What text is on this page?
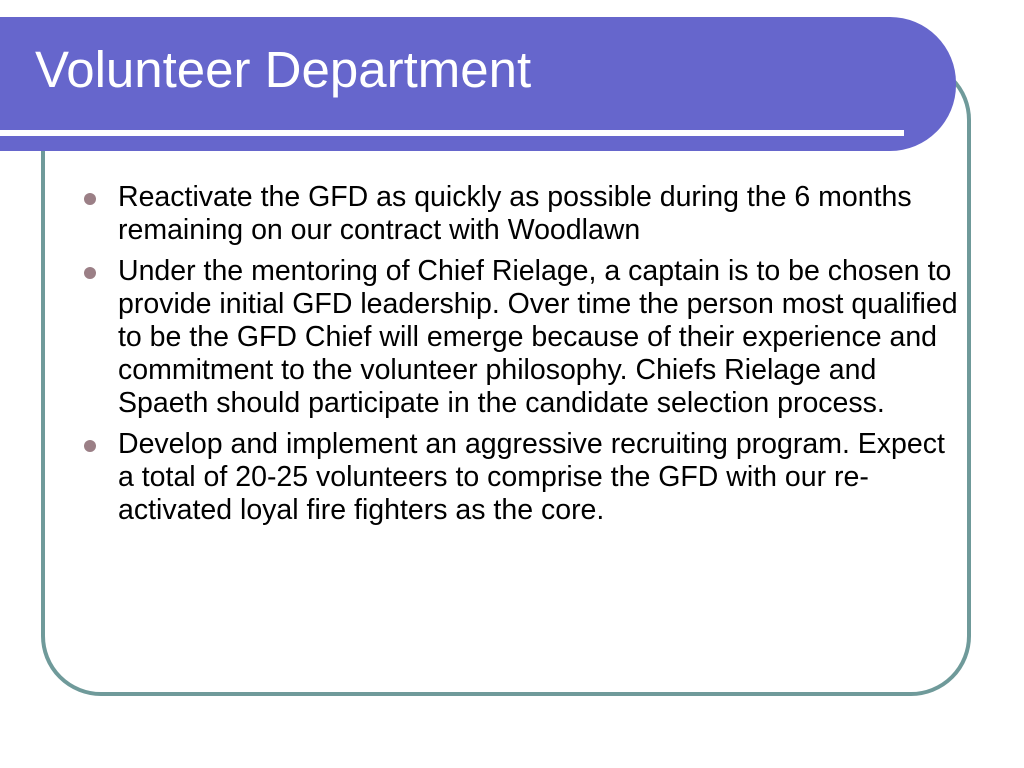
Volunteer Department
Reactivate the GFD as quickly as possible during the 6 months remaining on our contract with Woodlawn
Under the mentoring of Chief Rielage, a captain is to be chosen to provide initial GFD leadership. Over time the person most qualified to be the GFD Chief will emerge because of their experience and commitment to the volunteer philosophy. Chiefs Rielage and Spaeth should participate in the candidate selection process.
Develop and implement an aggressive recruiting program. Expect a total of 20-25 volunteers to comprise the GFD with our re-activated loyal fire fighters as the core.
